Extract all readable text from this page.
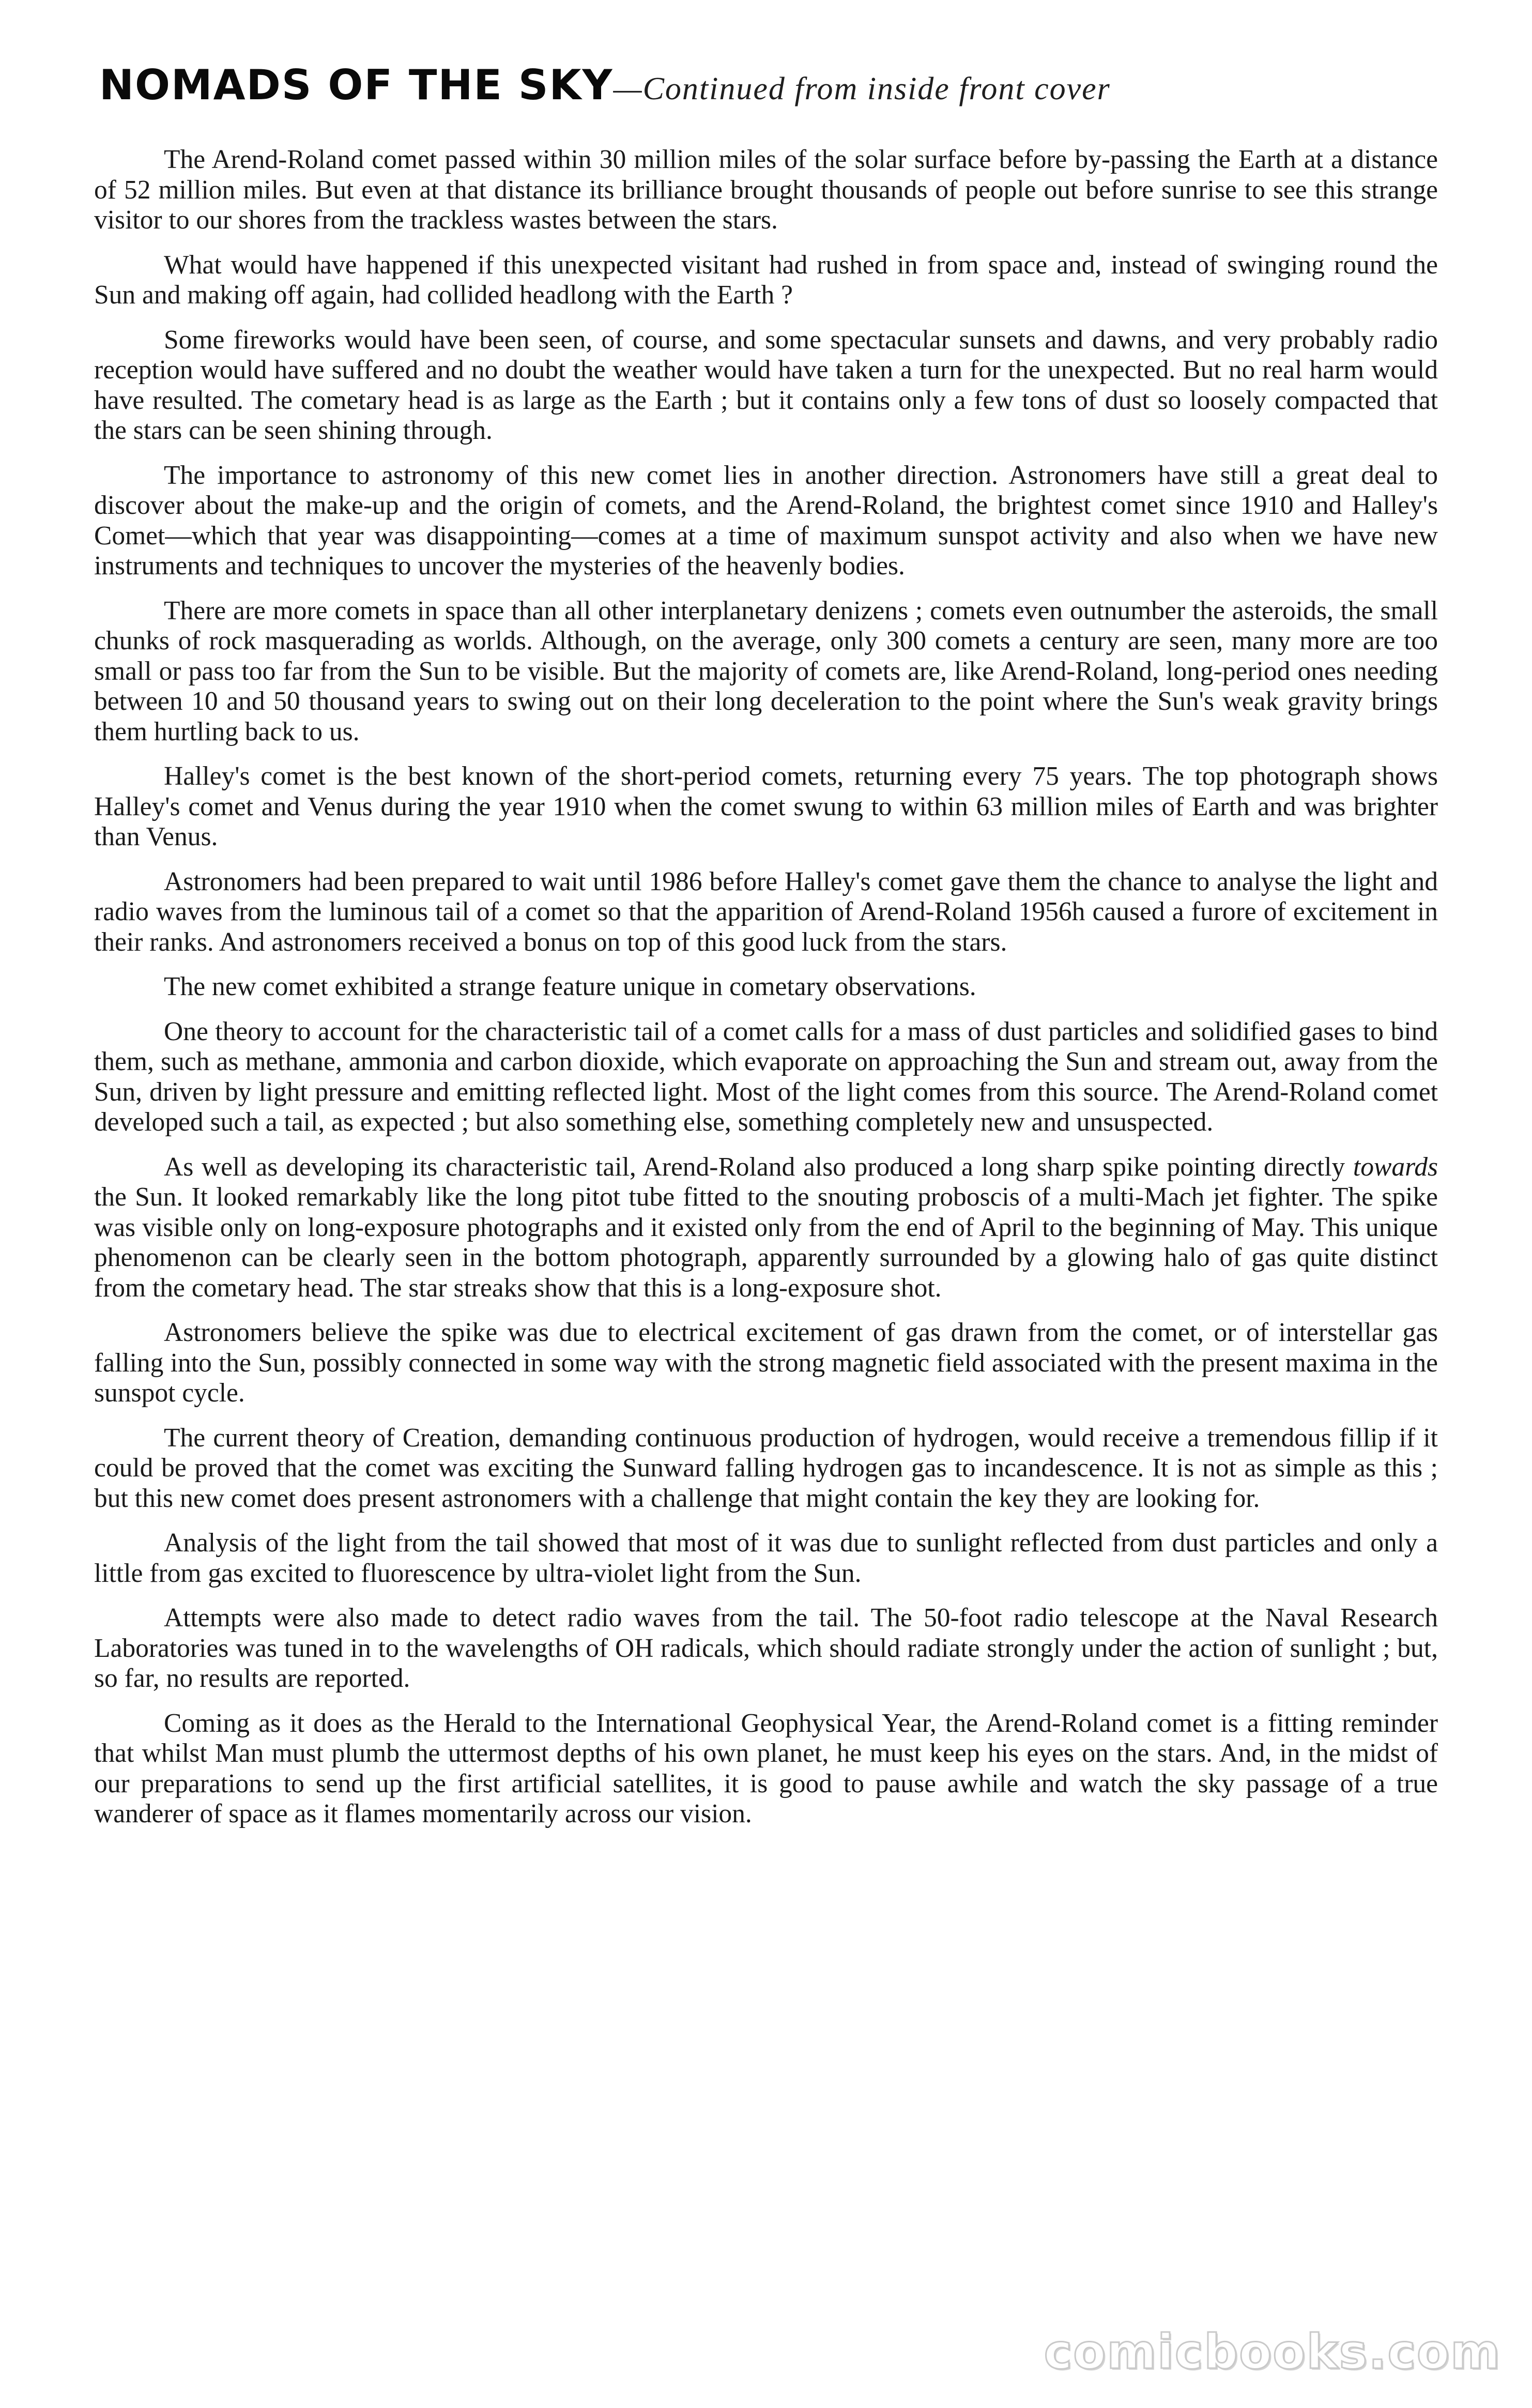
NOMADS OF THE SKY—Continued from inside front cover

The Arend-Roland comet passed within 30 million miles of the solar surface before by-passing the Earth at a distance of 52 million miles. But even at that distance its brilliance brought thousands of people out before sunrise to see this strange visitor to our shores from the trackless wastes between the stars.

What would have happened if this unexpected visitant had rushed in from space and, instead of swinging round the Sun and making off again, had collided headlong with the Earth ?

Some fireworks would have been seen, of course, and some spectacular sunsets and dawns, and very probably radio reception would have suffered and no doubt the weather would have taken a turn for the unexpected. But no real harm would have resulted. The cometary head is as large as the Earth ; but it contains only a few tons of dust so loosely compacted that the stars can be seen shining through.

The importance to astronomy of this new comet lies in another direction. Astronomers have still a great deal to discover about the make-up and the origin of comets, and the Arend-Roland, the brightest comet since 1910 and Halley's Comet—which that year was disappointing—comes at a time of maximum sunspot activity and also when we have new instruments and techniques to uncover the mysteries of the heavenly bodies.

There are more comets in space than all other interplanetary denizens ; comets even outnumber the asteroids, the small chunks of rock masquerading as worlds. Although, on the average, only 300 comets a century are seen, many more are too small or pass too far from the Sun to be visible. But the majority of comets are, like Arend-Roland, long-period ones needing between 10 and 50 thousand years to swing out on their long deceleration to the point where the Sun's weak gravity brings them hurtling back to us.

Halley's comet is the best known of the short-period comets, returning every 75 years. The top photograph shows Halley's comet and Venus during the year 1910 when the comet swung to within 63 million miles of Earth and was brighter than Venus.

Astronomers had been prepared to wait until 1986 before Halley's comet gave them the chance to analyse the light and radio waves from the luminous tail of a comet so that the apparition of Arend-Roland 1956h caused a furore of excitement in their ranks. And astronomers received a bonus on top of this good luck from the stars.

The new comet exhibited a strange feature unique in cometary observations.

One theory to account for the characteristic tail of a comet calls for a mass of dust particles and solidified gases to bind them, such as methane, ammonia and carbon dioxide, which evaporate on approaching the Sun and stream out, away from the Sun, driven by light pressure and emitting reflected light. Most of the light comes from this source. The Arend-Roland comet developed such a tail, as expected ; but also something else, something completely new and unsuspected.

As well as developing its characteristic tail, Arend-Roland also produced a long sharp spike pointing directly towards the Sun. It looked remarkably like the long pitot tube fitted to the snouting proboscis of a multi-Mach jet fighter. The spike was visible only on long-exposure photographs and it existed only from the end of April to the beginning of May. This unique phenomenon can be clearly seen in the bottom photograph, apparently surrounded by a glowing halo of gas quite distinct from the cometary head. The star streaks show that this is a long-exposure shot.

Astronomers believe the spike was due to electrical excitement of gas drawn from the comet, or of interstellar gas falling into the Sun, possibly connected in some way with the strong magnetic field associated with the present maxima in the sunspot cycle.

The current theory of Creation, demanding continuous production of hydrogen, would receive a tremendous fillip if it could be proved that the comet was exciting the Sunward falling hydrogen gas to incandescence. It is not as simple as this ; but this new comet does present astronomers with a challenge that might contain the key they are looking for.

Analysis of the light from the tail showed that most of it was due to sunlight reflected from dust particles and only a little from gas excited to fluorescence by ultra-violet light from the Sun.

Attempts were also made to detect radio waves from the tail. The 50-foot radio telescope at the Naval Research Laboratories was tuned in to the wavelengths of OH radicals, which should radiate strongly under the action of sunlight ; but, so far, no results are reported.

Coming as it does as the Herald to the International Geophysical Year, the Arend-Roland comet is a fitting reminder that whilst Man must plumb the uttermost depths of his own planet, he must keep his eyes on the stars. And, in the midst of our preparations to send up the first artificial satellites, it is good to pause awhile and watch the sky passage of a true wanderer of space as it flames momentarily across our vision.

comicbooks.com
